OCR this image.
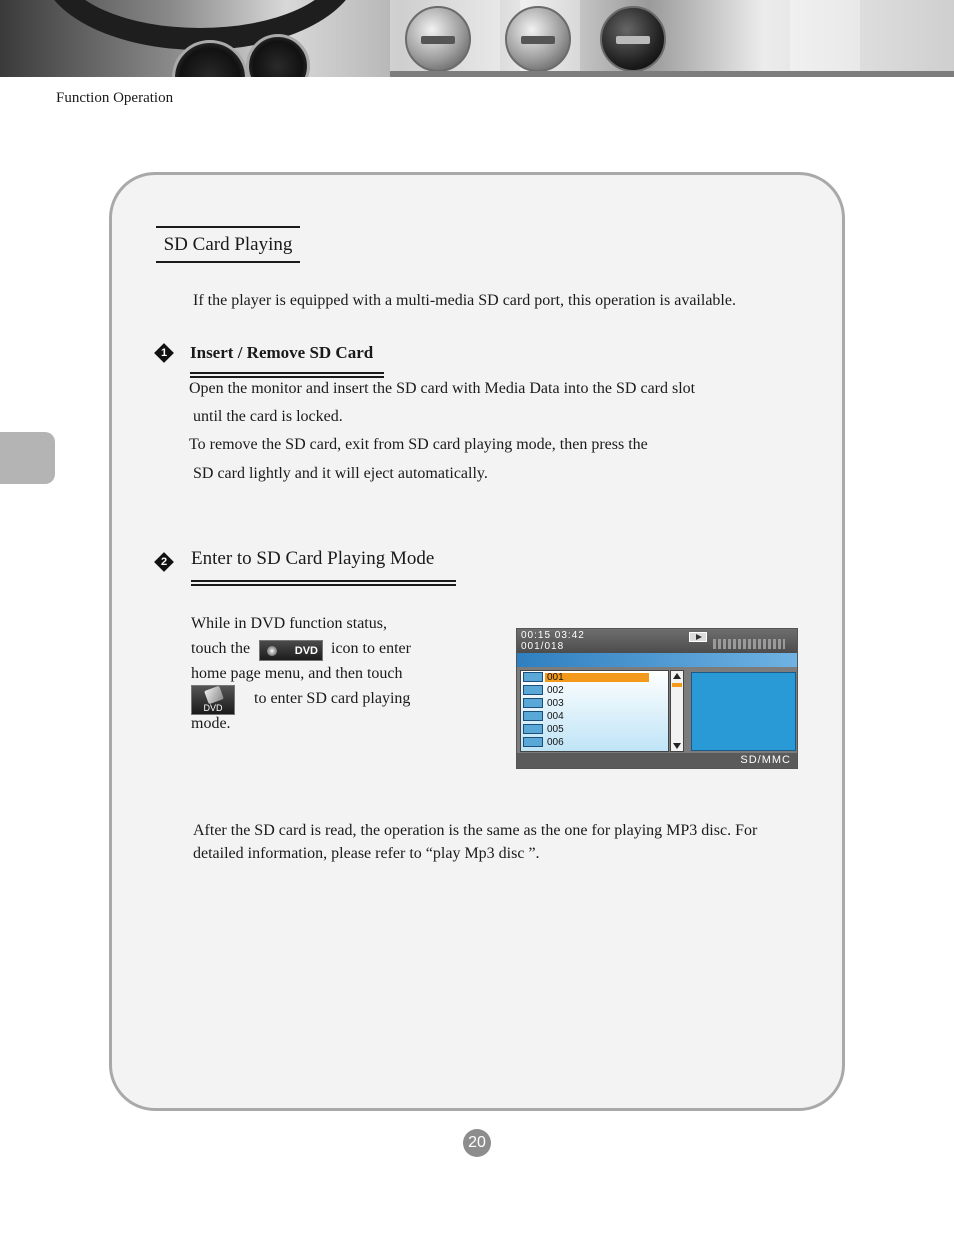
Function Operation
SD Card Playing
If the player is equipped with a multi-media SD card port, this operation is available.
1 Insert / Remove SD Card
Open the monitor and insert the SD card with Media Data into the SD card slot
until the card is locked.
To remove the SD card, exit from SD card playing mode, then press the
SD card lightly and it will eject automatically.
2 Enter to SD Card Playing Mode
While in DVD function status,
touch the	DVD icon to enter
home page menu, and then touch
DVD
to enter SD card playing
mode.
00:15 03:42
001/018
001
002
003
004
005
006
SD/MMC
After the SD card is read, the operation is the same as the one for playing MP3 disc. For
detailed information, please refer to “play Mp3 disc ”.
20
